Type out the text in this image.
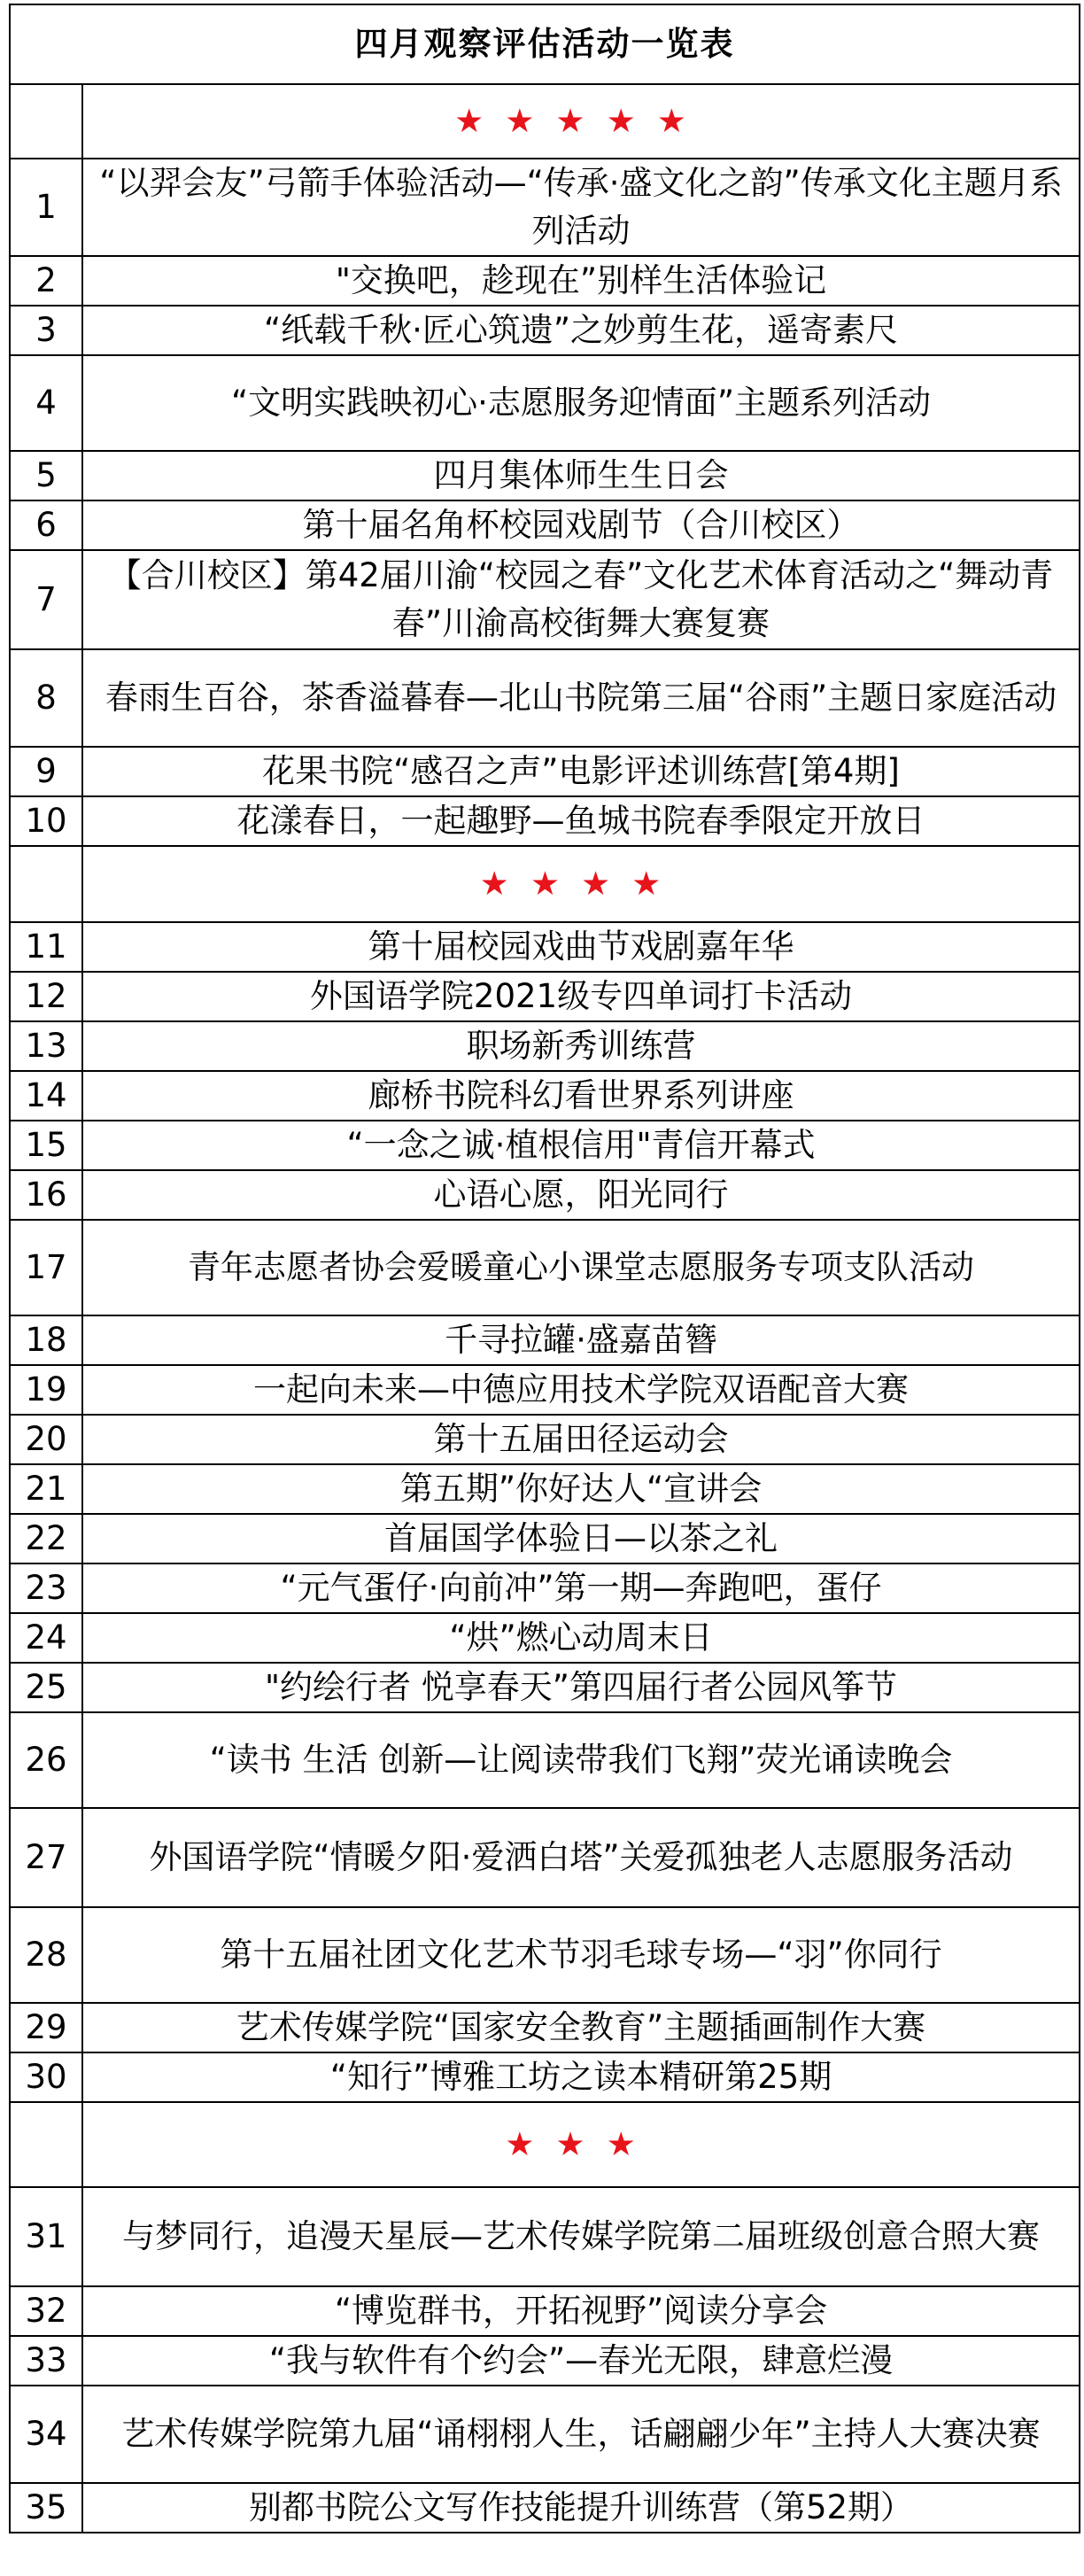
四月观察评估活动一览表	
	★★★★★
1	“以羿会友”弓箭手体验活动—“传承·盛文化之韵”传承文化主题月系列活动
2	"交换吧，趁现在”别样生活体验记
3	“纸载千秋·匠心筑遗”之妙剪生花，遥寄素尺
4	“文明实践映初心·志愿服务迎情面”主题系列活动
5	四月集体师生生日会
6	第十届名角杯校园戏剧节（合川校区）
7	【合川校区】第42届川渝“校园之春”文化艺术体育活动之“舞动青春”川渝高校街舞大赛复赛
8	春雨生百谷，茶香溢暮春—北山书院第三届“谷雨”主题日家庭活动
9	花果书院“感召之声”电影评述训练营[第4期]
10	花漾春日，一起趣野—鱼城书院春季限定开放日
	★★★★
11	第十届校园戏曲节戏剧嘉年华
12	外国语学院2021级专四单词打卡活动
13	职场新秀训练营
14	廊桥书院科幻看世界系列讲座
15	“一念之诚·植根信用"青信开幕式
16	心语心愿，阳光同行
17	青年志愿者协会爱暖童心小课堂志愿服务专项支队活动
18	千寻拉罐·盛嘉苗簪
19	一起向未来—中德应用技术学院双语配音大赛
20	第十五届田径运动会
21	第五期”你好达人“宣讲会
22	首届国学体验日—以茶之礼
23	“元气蛋仔·向前冲”第一期—奔跑吧，蛋仔
24	“烘”燃心动周末日
25	"约绘行者 悦享春天”第四届行者公园风筝节
26	“读书 生活 创新—让阅读带我们飞翔”荧光诵读晚会
27	外国语学院“情暖夕阳·爱洒白塔”关爱孤独老人志愿服务活动
28	第十五届社团文化艺术节羽毛球专场—“羽”你同行
29	艺术传媒学院“国家安全教育”主题插画制作大赛
30	“知行”博雅工坊之读本精研第25期
	★★★
31	与梦同行，追漫天星辰—艺术传媒学院第二届班级创意合照大赛
32	“博览群书，开拓视野”阅读分享会
33	“我与软件有个约会”—春光无限，肆意烂漫
34	艺术传媒学院第九届“诵栩栩人生，话翩翩少年”主持人大赛决赛
35	别都书院公文写作技能提升训练营（第52期）
